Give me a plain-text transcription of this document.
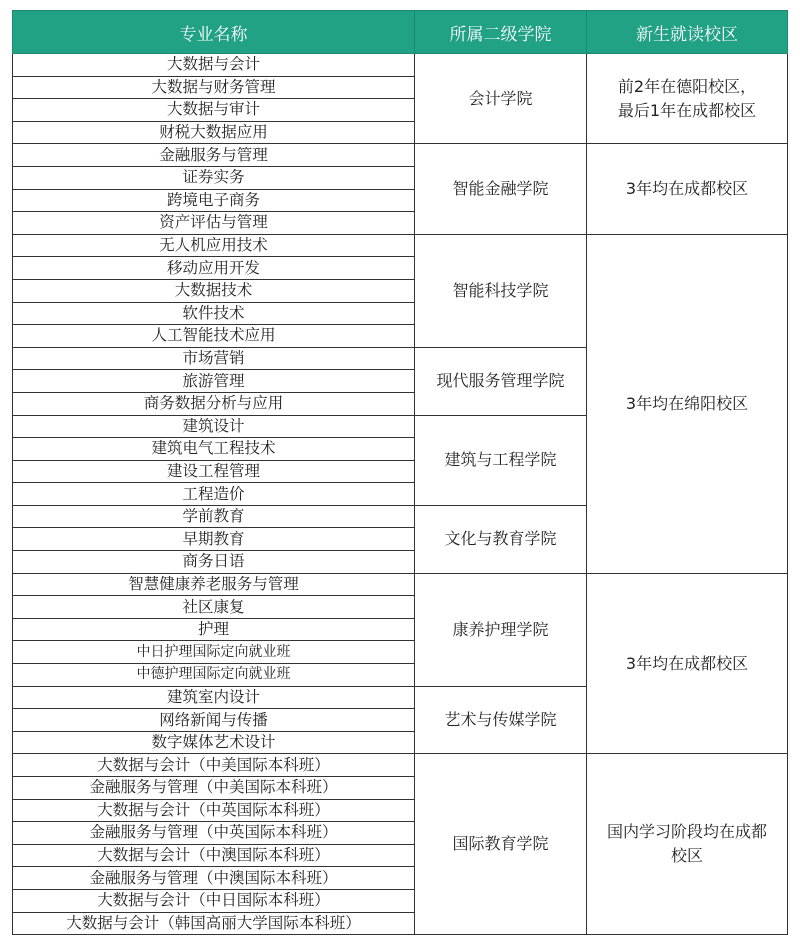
专业名称	所属二级学院	新生就读校区
大数据与会计	会计学院	前2年在德阳校区，
最后1年在成都校区

大数据与财务管理		
大数据与审计		
财税大数据应用		
金融服务与管理	智能金融学院	3年均在成都校区

证券实务		
跨境电子商务		
资产评估与管理		
无人机应用技术	智能科技学院	3年均在绵阳校区

移动应用开发		
大数据技术		
软件技术		
人工智能技术应用		
市场营销	现代服务管理学院	
旅游管理		
商务数据分析与应用		
建筑设计	建筑与工程学院	
建筑电气工程技术		
建设工程管理		
工程造价		
学前教育	文化与教育学院	
早期教育		
商务日语		
智慧健康养老服务与管理	康养护理学院	3年均在成都校区

社区康复		
护理		
中日护理国际定向就业班		
中德护理国际定向就业班		
建筑室内设计	艺术与传媒学院	
网络新闻与传播		
数字媒体艺术设计		
大数据与会计（中美国际本科班）	国际教育学院	国内学习阶段均在成都
校区

金融服务与管理（中美国际本科班）		
大数据与会计（中英国际本科班）		
金融服务与管理（中英国际本科班）		
大数据与会计（中澳国际本科班）		
金融服务与管理（中澳国际本科班）		
大数据与会计（中日国际本科班）		
大数据与会计（韩国高丽大学国际本科班）		
